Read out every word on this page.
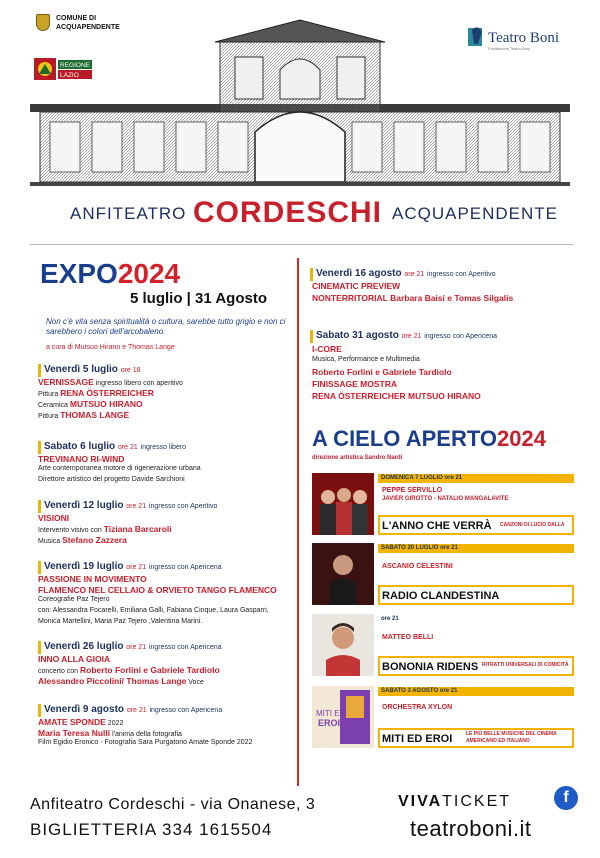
COMUNE DI
ACQUAPENDENTE
REGIONE
LAZIO
Teatro Boni
Fondazione Teatro Boni
ANFITEATRO CORDESCHI ACQUAPENDENTE
EXPO2024
5 luglio | 31 Agosto
Non c'è vita senza spiritualità o cultura, sarebbe tutto grigio e non ci sarebbero i colori dell'arcobaleno.
a cura di Mutsuo Hirano e Thomas Lange
Venerdì 5 luglio ore 18
VERNISSAGE ingresso libero con aperitivo
Pittura RENA ÖSTERREICHER
Ceramica MUTSUO HIRANO
Pittura THOMAS LANGE
Sabato 6 luglio ore 21 ingresso libero
TREVINANO RI-WIND
Arte contemporanea motore di rigenerazione urbana
Direttore artistico del progetto Davide Sarchioni
Venerdì 12 luglio ore 21 ingresso con Aperitivo
VISIONI
Intervento visivo con Tiziana Barcaroli
Musica Stefano Zazzera
Venerdì 19 luglio ore 21 ingresso con Apericena
PASSIONE IN MOVIMENTO
FLAMENCO NEL CELLAIO & ORVIETO TANGO FLAMENCO
Coreografie Paz Tejero
con: Alessandra Focarelli, Emiliana Galli, Fabiana Cinque, Laura Gasparri,
Monica Martellini, Maria Paz Tejero ,Valentina Marini.
Venerdì 26 luglio ore 21 ingresso con Apericena
INNO ALLA GIOIA
concerto con Roberto Forlini e Gabriele Tardiolo
Alessandro Piccolini/ Thomas Lange Voce
Venerdì 9 agosto ore 21 ingresso con Apericena
AMATE SPONDE 2022
Maria Teresa Nulli l'anima della fotografia
Film Egidio Eronico - Fotografia Sara Purgatorio Amate Sponde 2022
Venerdì 16 agosto ore 21 ingresso con Aperitivo
CINEMATIC PREVIEW
NONTERRITORIAL Barbara Baisi e Tomas Silgalis
Sabato 31 agosto ore 21 ingresso con Apericena
I-CORE
Musica, Performance e Multimedia
Roberto Forlini e Gabriele Tardiolo
FINISSAGE MOSTRA
RENA ÖSTERREICHER MUTSUO HIRANO
A CIELO APERTO2024
direzione artistica Sandro Nardi
DOMENICA 7 LUGLIO ore 21
PEPPE SERVILLO
JAVIER GIROTTO - NATALIO MANGALAVITE
L'ANNO CHE VERRÀ CANZONI DI LUCIO DALLA
SABATO 20 LUGLIO ore 21
ASCANIO CELESTINI
RADIO CLANDESTINA
ore 21
MATTEO BELLI
BONONIA RIDENS RITRATTI UNIVERSALI DI COMICITÀ
MITI ED
EROI
SABATO 3 AGOSTO ore 21
ORCHESTRA XYLON
MITI ED EROI	LE PIÙ BELLE MUSICHE DEL CINEMA
AMERICANO ED ITALIANO
Anfiteatro Cordeschi - via Onanese, 3
BIGLIETTERIA 334 1615504
VIVATICKET	f
teatroboni.it
